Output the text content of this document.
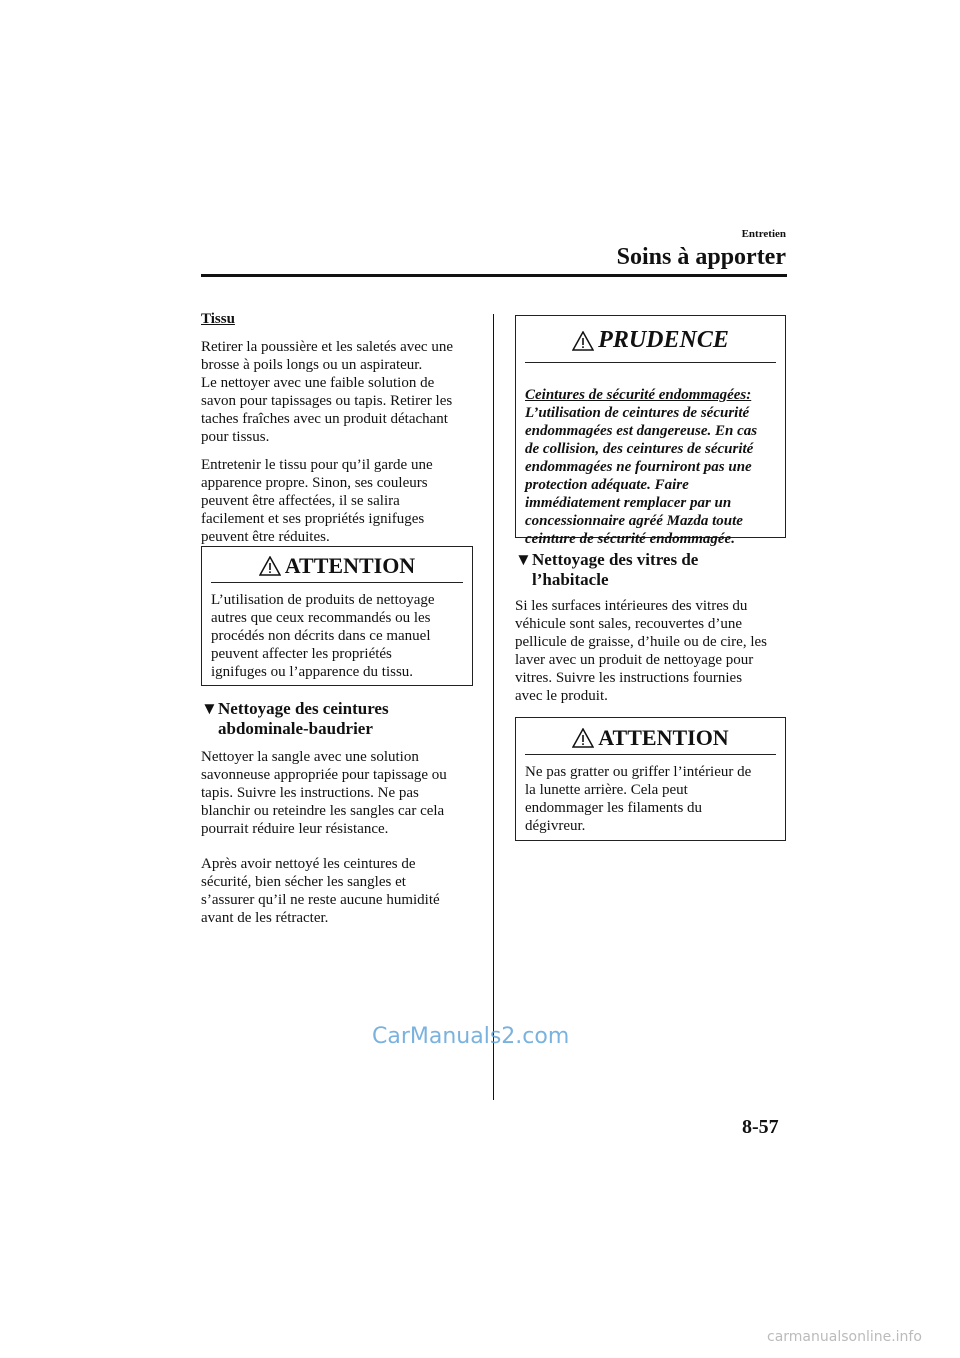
Entretien
Soins à apporter
Tissu
Retirer la poussière et les saletés avec une
brosse à poils longs ou un aspirateur.
Le nettoyer avec une faible solution de
savon pour tapissages ou tapis. Retirer les
taches fraîches avec un produit détachant
pour tissus.
Entretenir le tissu pour qu’il garde une
apparence propre. Sinon, ses couleurs
peuvent être affectées, il se salira
facilement et ses propriétés ignifuges
peuvent être réduites.
ATTENTION
L’utilisation de produits de nettoyage
autres que ceux recommandés ou les
procédés non décrits dans ce manuel
peuvent affecter les propriétés
ignifuges ou l’apparence du tissu.
▼Nettoyage des ceintures
abdominale-baudrier
Nettoyer la sangle avec une solution
savonneuse appropriée pour tapissage ou
tapis. Suivre les instructions. Ne pas
blanchir ou reteindre les sangles car cela
pourrait réduire leur résistance.
Après avoir nettoyé les ceintures de
sécurité, bien sécher les sangles et
s’assurer qu’il ne reste aucune humidité
avant de les rétracter.
PRUDENCE

Ceintures de sécurité endommagées:

L’utilisation de ceintures de sécurité
endommagées est dangereuse. En cas
de collision, des ceintures de sécurité
endommagées ne fourniront pas une
protection adéquate. Faire
immédiatement remplacer par un
concessionnaire agréé Mazda toute
ceinture de sécurité endommagée.

▼Nettoyage des vitres de
l’habitacle
Si les surfaces intérieures des vitres du
véhicule sont sales, recouvertes d’une
pellicule de graisse, d’huile ou de cire, les
laver avec un produit de nettoyage pour
vitres. Suivre les instructions fournies
avec le produit.
ATTENTION
Ne pas gratter ou griffer l’intérieur de
la lunette arrière. Cela peut
endommager les filaments du
dégivreur.
CarManuals2.com
8-57
carmanualsonline.info
